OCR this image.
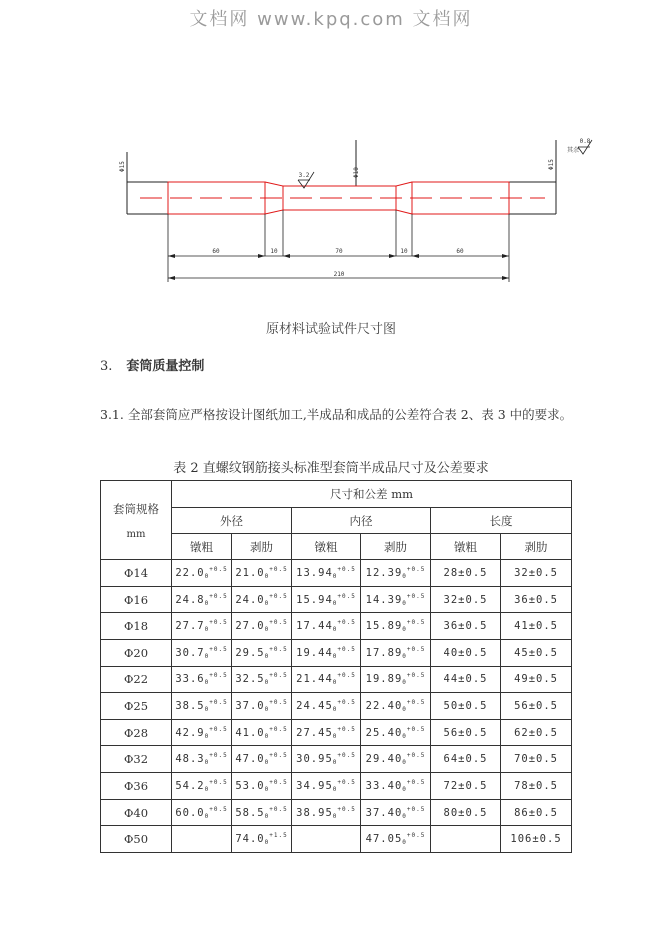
文档网 www.kpq.com 文档网
60	10	70	10	60
210
3.2
0.8
Φ15
Φ10
Φ15
其余
原材料试验试件尺寸图
3. 套筒质量控制
3.1. 全部套筒应严格按设计图纸加工,半成品和成品的公差符合表 2、表 3 中的要求。
表 2 直螺纹钢筋接头标准型套筒半成品尺寸及公差要求
套筒规格
mm	尺寸和公差 mm					
	外径		内径		长度	
	镦粗	剥肋	镦粗	剥肋	镦粗	剥肋
Φ14	$22.0_0^{+0.5}$	$21.0_0^{+0.5}$	$13.94_0^{+0.5}$	$12.39_0^{+0.5}$	28±0.5	32±0.5
Φ16	$24.8_0^{+0.5}$	$24.0_0^{+0.5}$	$15.94_0^{+0.5}$	$14.39_0^{+0.5}$	32±0.5	36±0.5
Φ18	$27.7_0^{+0.5}$	$27.0_0^{+0.5}$	$17.44_0^{+0.5}$	$15.89_0^{+0.5}$	36±0.5	41±0.5
Φ20	$30.7_0^{+0.5}$	$29.5_0^{+0.5}$	$19.44_0^{+0.5}$	$17.89_0^{+0.5}$	40±0.5	45±0.5
Φ22	$33.6_0^{+0.5}$	$32.5_0^{+0.5}$	$21.44_0^{+0.5}$	$19.89_0^{+0.5}$	44±0.5	49±0.5
Φ25	$38.5_0^{+0.5}$	$37.0_0^{+0.5}$	$24.45_0^{+0.5}$	$22.40_0^{+0.5}$	50±0.5	56±0.5
Φ28	$42.9_0^{+0.5}$	$41.0_0^{+0.5}$	$27.45_0^{+0.5}$	$25.40_0^{+0.5}$	56±0.5	62±0.5
Φ32	$48.3_0^{+0.5}$	$47.0_0^{+0.5}$	$30.95_0^{+0.5}$	$29.40_0^{+0.5}$	64±0.5	70±0.5
Φ36	$54.2_0^{+0.5}$	$53.0_0^{+0.5}$	$34.95_0^{+0.5}$	$33.40_0^{+0.5}$	72±0.5	78±0.5
Φ40	$60.0_0^{+0.5}$	$58.5_0^{+0.5}$	$38.95_0^{+0.5}$	$37.40_0^{+0.5}$	80±0.5	86±0.5
Φ50		$74.0_0^{+1.5}$		$47.05_0^{+0.5}$		106±0.5
